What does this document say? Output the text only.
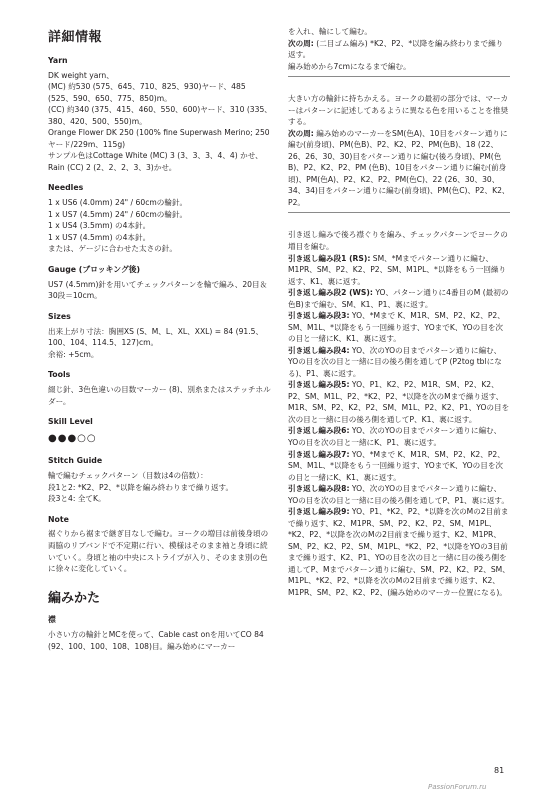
詳細情報
Yarn

DK weight yarn、

(MC) 約530 (575、645、710、825、930)ヤード、485 (525、590、650、775、850)m。

(CC) 約340 (375、415、460、550、600)ヤード、310 (335、380、420、500、550)m。

Orange Flower DK 250 (100% fine Superwash Merino; 250ヤード/229m、115g)

サンプル色はCottage White (MC) 3 (3、3、3、4、4) かせ、Rain (CC) 2 (2、2、2、3、3)かせ。

Needles

1 x US6 (4.0mm) 24" / 60cmの輪針。

1 x US7 (4.5mm) 24" / 60cmの輪針。

1 x US4 (3.5mm) の4本針。

1 x US7 (4.5mm) の4本針。

または、ゲージに合わせた太さの針。

Gauge (ブロッキング後)

US7 (4.5mm)針を用いてチェックパターンを輪で編み、20目＆30段＝10cm。

Sizes

出来上がり寸法：胸囲XS (S、M、L、XL、XXL) = 84 (91.5、100、104、114.5、127)cm。

余裕: +5cm。

Tools

綴じ針、3色色違いの目数マーカー (8)、別糸またはステッチホルダー。

Skill Level

●●●○○

Stitch Guide

輪で編むチェックパターン（目数は4の倍数）：

段1と2: *K2、P2、*以降を編み終わりまで繰り返す。

段3と4: 全てK。

Note

裾ぐりから裾まで継ぎ目なしで編む。ヨークの増目は前後身頃の両脇のリブバンドで不定期に行い、模様はそのまま袖と身頃に続いていく。身頃と袖の中央にストライプが入り、そのまま別の色に徐々に変化していく。

編みかた
襟

小さい方の輪針とMCを使って、Cable cast onを用いてCO 84 (92、100、100、108、108)目。編み始めにマーカー

を入れ、輪にして編む。

次の周: (二目ゴム編み) *K2、P2、*以降を編み終わりまで繰り返す。

編み始めから7cmになるまで編む。

大きい方の輪針に持ちかえる。ヨークの最初の部分では、マーカーはパターンに記述してあるように異なる色を用いることを推奨する。

次の周: 編み始めのマーカーをSM(色A)、10目をパターン通りに編む(前身頃)、PM(色B)、P2、K2、P2、PM(色B)、18 (22、26、26、30、30)目をパターン通りに編む(後ろ身頃)、PM(色B)、P2、K2、P2、PM (色B)、10目をパターン通りに編む(前身頃)、PM(色A)、P2、K2、P2、PM(色C)、22 (26、30、30、34、34)目をパターン通りに編む(前身頃)、PM(色C)、P2、K2、P2。

引き返し編みで後ろ襟ぐりを編み、チェックパターンでヨークの増目を編む。

引き返し編み段1 (RS): SM、*Mまでパターン通りに編む、M1PR、SM、P2、K2、P2、SM、M1PL、*以降をもう一回繰り返す、K1、裏に返す。

引き返し編み段2 (WS): YO、パターン通りに4番目のM (最初の色B)まで編む、SM、K1、P1、裏に返す。

引き返し編み段3: YO、*Mまで K、M1R、SM、P2、K2、P2、SM、M1L、*以降をもう一回繰り返す、YOまでK、YOの目を次の目と一緒にK、K1、裏に返す。

引き返し編み段4: YO、次のYOの目までパターン通りに編む、YOの目を次の目と一緒に目の後ろ側を通してP (P2tog tblになる)、P1、裏に返す。

引き返し編み段5: YO、P1、K2、P2、M1R、SM、P2、K2、P2、SM、M1L、P2、*K2、P2、*以降を次のMまで繰り返す、M1R、SM、P2、K2、P2、SM、M1L、P2、K2、P1、YOの目を次の目と一緒に目の後ろ側を通してP、K1、裏に返す。

引き返し編み段6: YO、次のYOの目までパターン通りに編む、YOの目を次の目と一緒にK、P1、裏に返す。

引き返し編み段7: YO、*Mまで K、M1R、SM、P2、K2、P2、SM、M1L、*以降をもう一回繰り返す、YOまでK、YOの目を次の目と一緒にK、K1、裏に返す。

引き返し編み段8: YO、次のYOの目までパターン通りに編む、YOの目を次の目と一緒に目の後ろ側を通してP、P1、裏に返す。

引き返し編み段9: YO、P1、*K2、P2、*以降を次のMの2目前まで繰り返す、K2、M1PR、SM、P2、K2、P2、SM、M1PL、*K2、P2、*以降を次のMの2目前まで繰り返す、K2、M1PR、SM、P2、K2、P2、SM、M1PL、*K2、P2、*以降をYOの3目前まで繰り返す、K2、P1、YOの目を次の目と一緒に目の後ろ側を通してP、Mまでパターン通りに編む、SM、P2、K2、P2、SM、M1PL、*K2、P2、*以降を次のMの2目前まで繰り返す、K2、M1PR、SM、P2、K2、P2、(編み始めのマーカー位置になる)。

81
PassionForum.ru
